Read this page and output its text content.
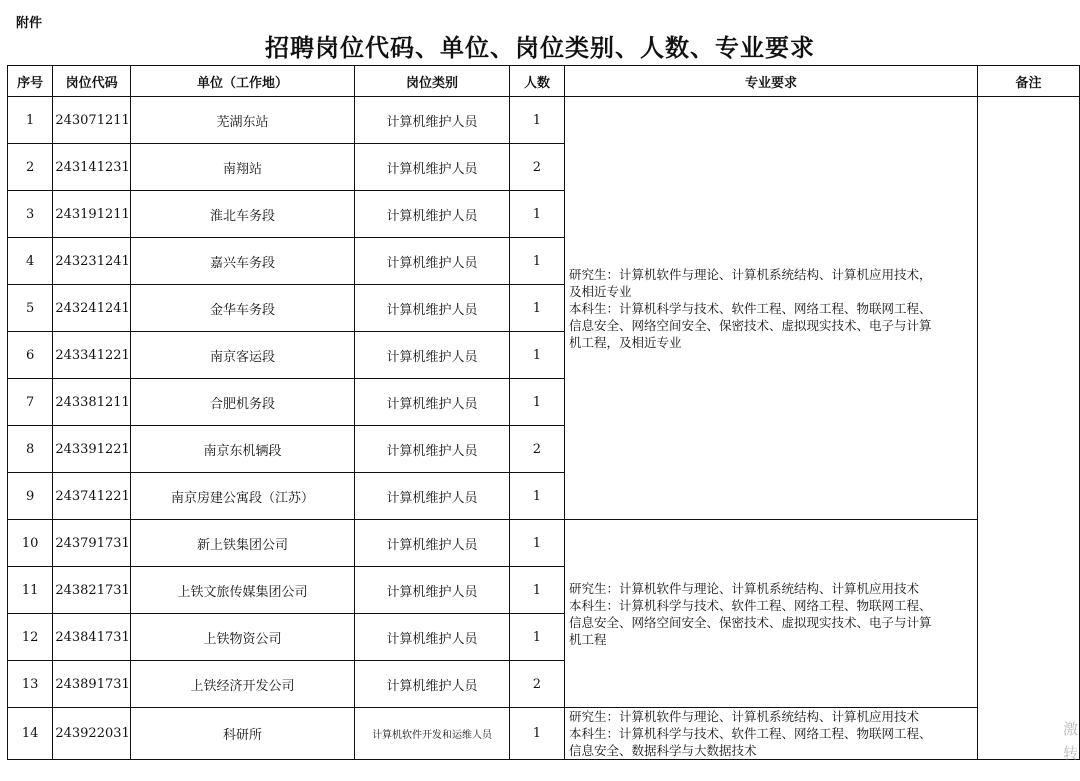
附件
招聘岗位代码、单位、岗位类别、人数、专业要求
序号	岗位代码	单位（工作地）	岗位类别	人数	专业要求	备注
1	243071211	芜湖东站	计算机维护人员	1	研究生：计算机软件与理论、计算机系统结构、计算机应用技术，
及相近专业
本科生：计算机科学与技术、软件工程、网络工程、物联网工程、
信息安全、网络空间安全、保密技术、虚拟现实技术、电子与计算
机工程，及相近专业	

2	243141231	南翔站	计算机维护人员	2		
3	243191211	淮北车务段	计算机维护人员	1		
4	243231241	嘉兴车务段	计算机维护人员	1		
5	243241241	金华车务段	计算机维护人员	1		
6	243341221	南京客运段	计算机维护人员	1		
7	243381211	合肥机务段	计算机维护人员	1		
8	243391221	南京东机辆段	计算机维护人员	2		
9	243741221	南京房建公寓段（江苏）	计算机维护人员	1		
10	243791731	新上铁集团公司	计算机维护人员	1	研究生：计算机软件与理论、计算机系统结构、计算机应用技术
本科生：计算机科学与技术、软件工程、网络工程、物联网工程、
信息安全、网络空间安全、保密技术、虚拟现实技术、电子与计算
机工程	

11	243821731	上铁文旅传媒集团公司	计算机维护人员	1		
12	243841731	上铁物资公司	计算机维护人员	1		
13	243891731	上铁经济开发公司	计算机维护人员	2		
14	243922031	科研所	计算机软件开发和运维人员	1	研究生：计算机软件与理论、计算机系统结构、计算机应用技术
本科生：计算机科学与技术、软件工程、网络工程、物联网工程、
信息安全、数据科学与大数据技术	
激
转
